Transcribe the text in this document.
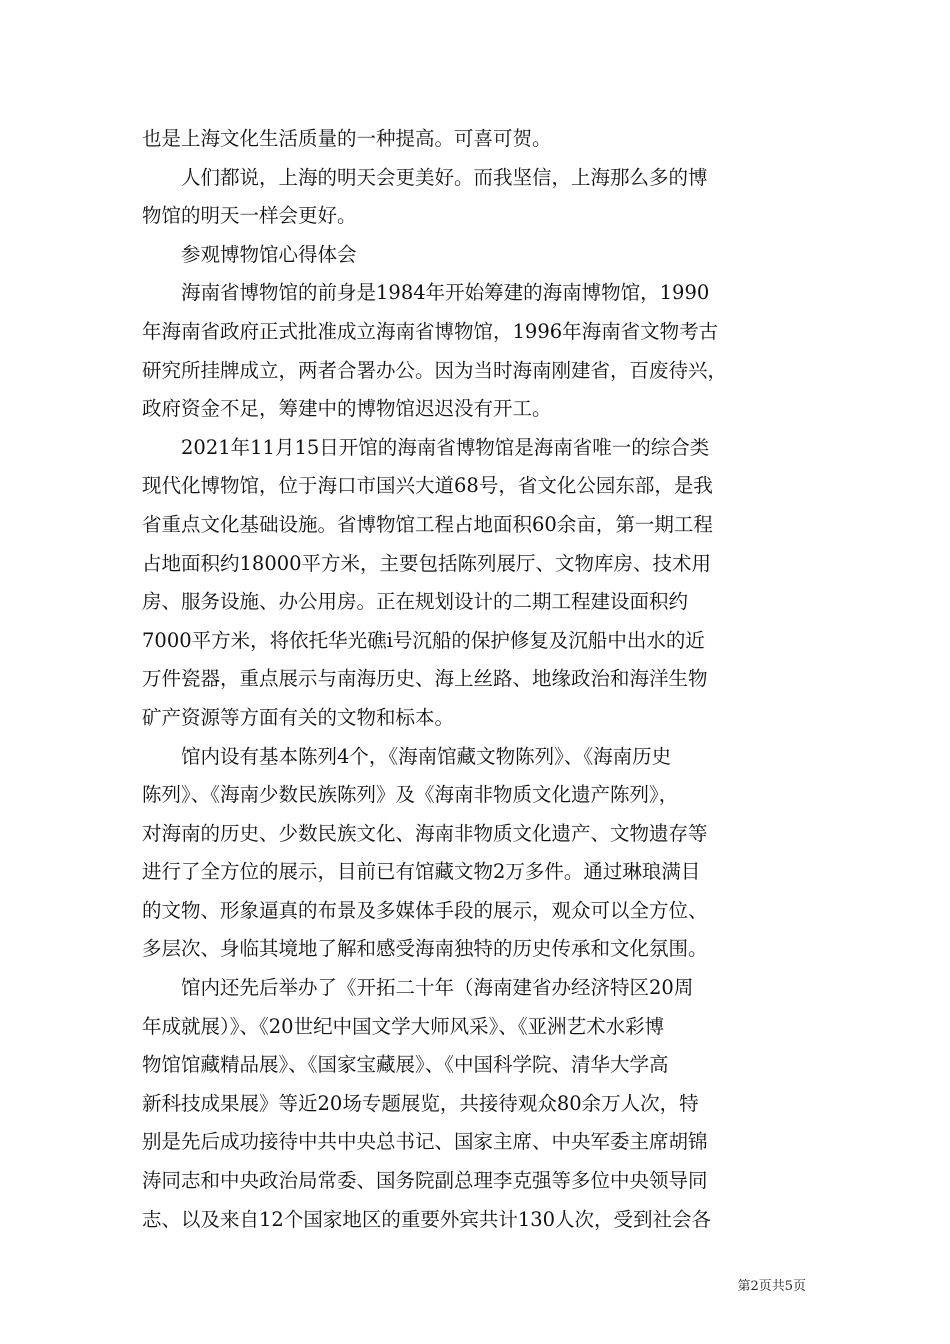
也是上海文化生活质量的一种提高。可喜可贺。

人们都说，上海的明天会更美好。而我坚信，上海那么多的博
物馆的明天一样会更好。

参观博物馆心得体会

海南省博物馆的前身是1984年开始筹建的海南博物馆，1990
年海南省政府正式批准成立海南省博物馆，1996年海南省文物考古
研究所挂牌成立，两者合署办公。因为当时海南刚建省，百废待兴，
政府资金不足，筹建中的博物馆迟迟没有开工。

2021年11月15日开馆的海南省博物馆是海南省唯一的综合类
现代化博物馆，位于海口市国兴大道68号，省文化公园东部，是我
省重点文化基础设施。省博物馆工程占地面积60余亩，第一期工程
占地面积约18000平方米，主要包括陈列展厅、文物库房、技术用
房、服务设施、办公用房。正在规划设计的二期工程建设面积约
7000平方米，将依托华光礁ⅰ号沉船的保护修复及沉船中出水的近
万件瓷器，重点展示与南海历史、海上丝路、地缘政治和海洋生物
矿产资源等方面有关的文物和标本。

馆内设有基本陈列4个，《海南馆藏文物陈列》、《海南历史
陈列》、《海南少数民族陈列》及《海南非物质文化遗产陈列》，
对海南的历史、少数民族文化、海南非物质文化遗产、文物遗存等
进行了全方位的展示，目前已有馆藏文物2万多件。通过琳琅满目
的文物、形象逼真的布景及多媒体手段的展示，观众可以全方位、
多层次、身临其境地了解和感受海南独特的历史传承和文化氛围。

馆内还先后举办了《开拓二十年（海南建省办经济特区20周
年成就展）》、《20世纪中国文学大师风采》、《亚洲艺术水彩博
物馆馆藏精品展》、《国家宝藏展》、《中国科学院、清华大学高
新科技成果展》等近20场专题展览，共接待观众80余万人次，特
别是先后成功接待中共中央总书记、国家主席、中央军委主席胡锦
涛同志和中央政治局常委、国务院副总理李克强等多位中央领导同
志、以及来自12个国家地区的重要外宾共计130人次，受到社会各

第2页共5页
